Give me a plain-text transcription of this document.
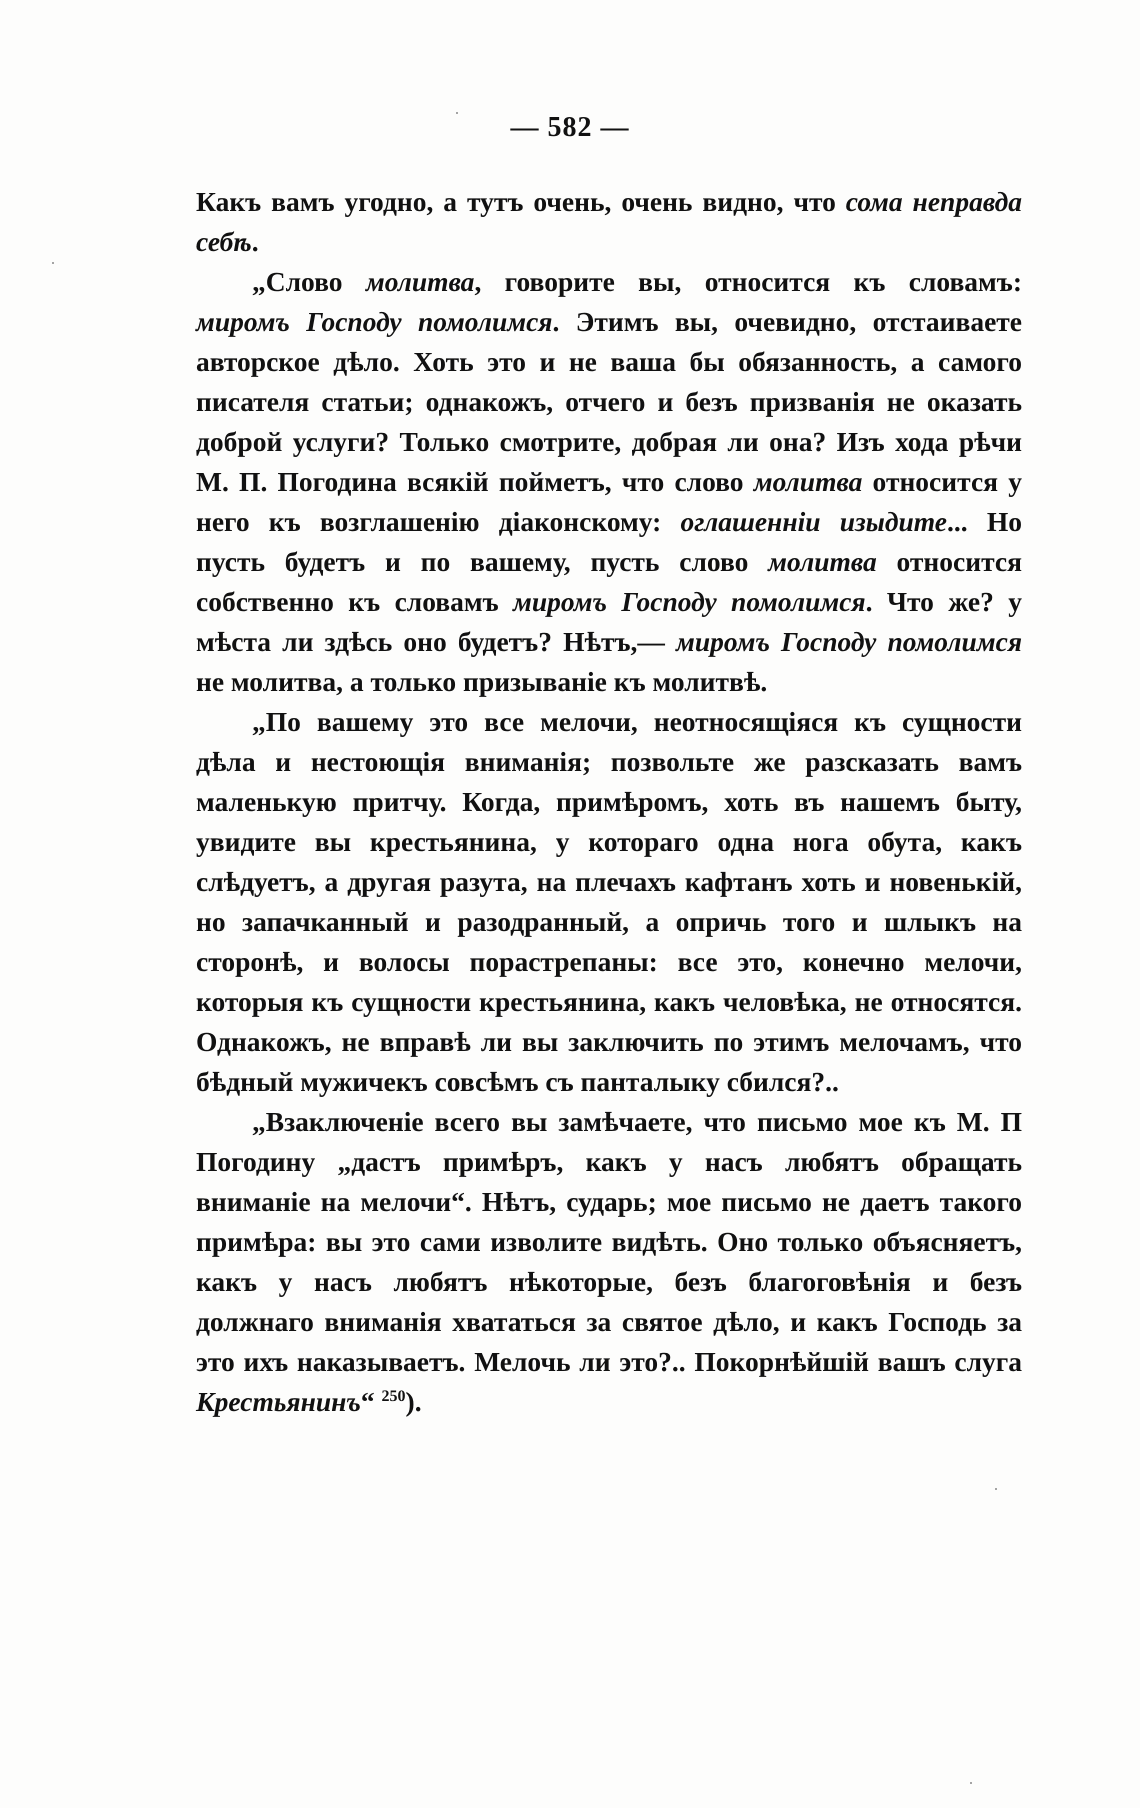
— 582 —

Какъ вамъ угодно, а тутъ очень, очень видно, что сома неправда себѣ.

„Слово молитва, говорите вы, относится къ словамъ: миромъ Господу помолимся. Этимъ вы, очевидно, отстаиваете авторское дѣло. Хоть это и не ваша бы обязанность, а самого писателя статьи; однакожъ, отчего и безъ призванія не оказать доброй услуги? Только смотрите, добрая ли она? Изъ хода рѣчи М. П. Погодина всякій пойметъ, что слово молитва относится у него къ возглашенію діаконскому: оглашенніи изыдите... Но пусть будетъ и по вашему, пусть слово молитва относится собственно къ словамъ миромъ Господу помолимся. Что же? у мѣста ли здѣсь оно будетъ? Нѣтъ,— миромъ Господу помолимся не молитва, а только призываніе къ молитвѣ.

„По вашему это все мелочи, неотносящіяся къ сущности дѣла и нестоющія вниманія; позвольте же разсказать вамъ маленькую притчу. Когда, примѣромъ, хоть въ нашемъ быту, увидите вы крестьянина, у котораго одна нога обута, какъ слѣдуетъ, а другая разута, на плечахъ кафтанъ хоть и новенькій, но запачканный и разодранный, а опричь того и шлыкъ на сторонѣ, и волосы порастрепаны: все это, конечно мелочи, которыя къ сущности крестьянина, какъ человѣка, не относятся. Однакожъ, не вправѣ ли вы заключить по этимъ мелочамъ, что бѣдный мужичекъ совсѣмъ съ панталыку сбился?..

„Взаключеніе всего вы замѣчаете, что письмо мое къ М. П Погодину „дастъ примѣръ, какъ у насъ любятъ обращать вниманіе на мелочи“. Нѣтъ, сударь; мое письмо не даетъ такого примѣра: вы это сами изволите видѣть. Оно только объясняетъ, какъ у насъ любятъ нѣкоторые, безъ благоговѣнія и безъ должнаго вниманія хвататься за святое дѣло, и какъ Господь за это ихъ наказываетъ. Мелочь ли это?.. Покорнѣйшій вашъ слуга Крестьянинъ“ $^{250}$).
